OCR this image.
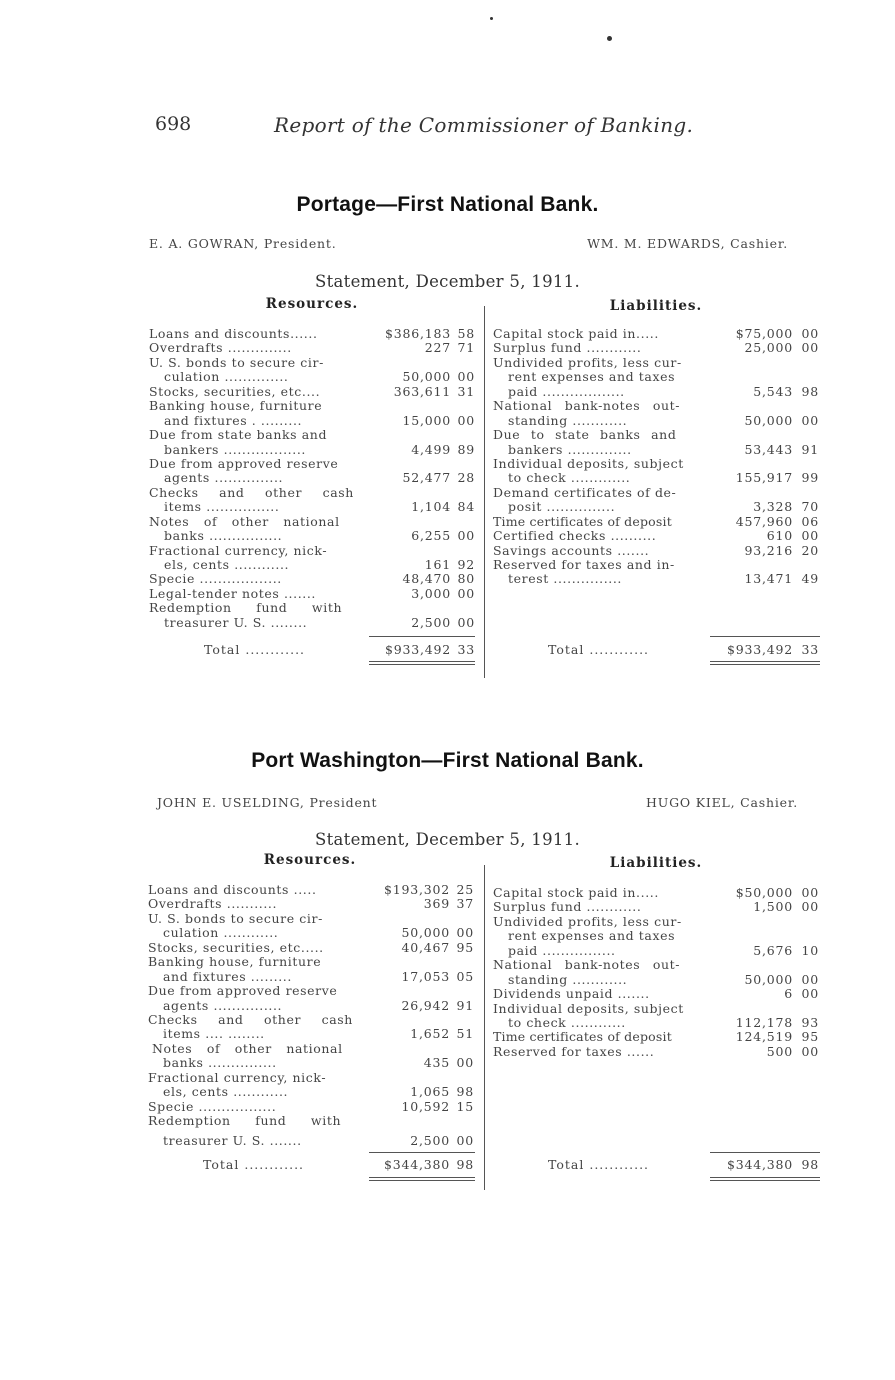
698	Report of the Commissioner of Banking.
Portage—First National Bank.
E. A. GOWRAN, President.	WM. M. EDWARDS, Cashier.
Statement, December 5, 1911.
Resources.	Liabilities.
Loans and discounts......	$386,183 58
Overdrafts ..............	227 71
U. S. bonds to secure cir-
culation ..............	50,000 00
Stocks, securities, etc....	363,611 31
Banking house, furniture
and fixtures . .........	15,000 00
Due from state banks and
bankers ..................	4,499 89
Due from approved reserve
agents ...............	52,477 28
Checks and other cash
items ................	1,104 84
Notes of other national
banks ................	6,255 00
Fractional currency, nick-
els, cents ............	161 92
Specie ..................	48,470 80
Legal-tender notes .......	3,000 00
Redemption fund with
treasurer U. S. ........	2,500 00
Capital stock paid in.....	$75,000 00
Surplus fund ............	25,000 00
Undivided profits, less cur-
rent expenses and taxes
paid ..................	5,543 98
National bank-notes out-
standing ............	50,000 00
Due to state banks and
bankers ..............	53,443 91
Individual deposits, subject
to check .............	155,917 99
Demand certificates of de-
posit ...............	3,328 70
Time certificates of deposit	457,960 06
Certified checks ..........	610 00
Savings accounts .......	93,216 20
Reserved for taxes and in-
terest ...............	13,471 49
Total ............	$933,492 33	Total ............	$933,492 33
Port Washington—First National Bank.
JOHN E. USELDING, President	HUGO KIEL, Cashier.
Statement, December 5, 1911.
Resources.	Liabilities.
Loans and discounts .....	$193,302 25
Overdrafts ...........	369 37
U. S. bonds to secure cir-
culation ............	50,000 00
Stocks, securities, etc.....	40,467 95
Banking house, furniture
and fixtures .........	17,053 05
Due from approved reserve
agents ...............	26,942 91
Checks and other cash
items .... ........	1,652 51
Notes of other national
banks ...............	435 00
Fractional currency, nick-
els, cents ............	1,065 98
Specie .................	10,592 15
Redemption fund with
treasurer U. S. .......	2,500 00
Capital stock paid in.....	$50,000 00
Surplus fund ............	1,500 00
Undivided profits, less cur-
rent expenses and taxes
paid ................	5,676 10
National bank-notes out-
standing ............	50,000 00
Dividends unpaid .......	6 00
Individual deposits, subject
to check ............	112,178 93
Time certificates of deposit	124,519 95
Reserved for taxes ......	500 00
Total ............	$344,380 98	Total ............	$344,380 98
